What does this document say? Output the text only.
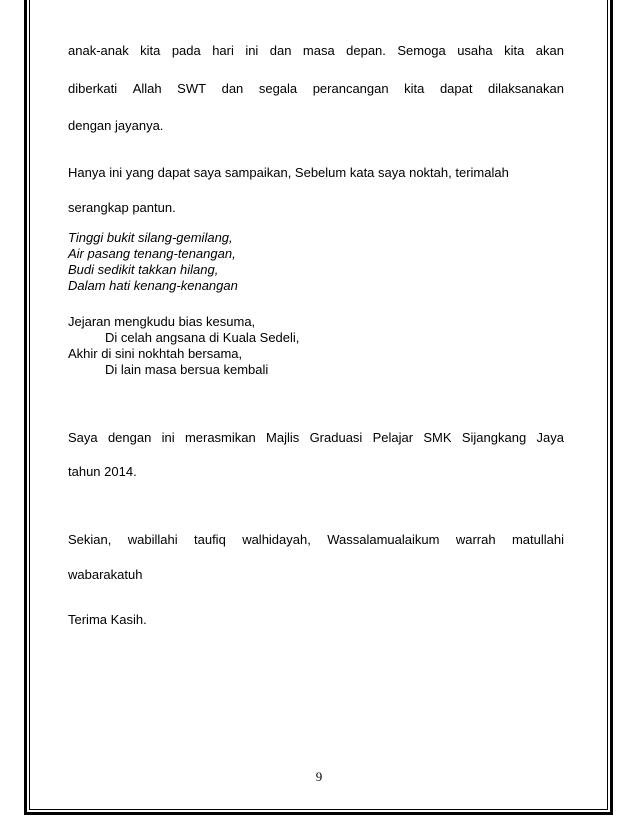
anak-anak kita pada hari ini dan masa depan. Semoga usaha kita akan
diberkati Allah SWT dan segala perancangan kita dapat dilaksanakan
dengan jayanya.
Hanya ini yang dapat saya sampaikan, Sebelum kata saya noktah, terimalah
serangkap pantun.
Tinggi bukit silang-gemilang,
Air pasang tenang-tenangan,
Budi sedikit takkan hilang,
Dalam hati kenang-kenangan
Jejaran mengkudu bias kesuma,
Di celah angsana di Kuala Sedeli,
Akhir di sini nokhtah bersama,
Di lain masa bersua kembali
Saya dengan ini merasmikan Majlis Graduasi Pelajar SMK Sijangkang Jaya
tahun 2014.
Sekian, wabillahi taufiq walhidayah, Wassalamualaikum warrah matullahi
wabarakatuh
Terima Kasih.
9
